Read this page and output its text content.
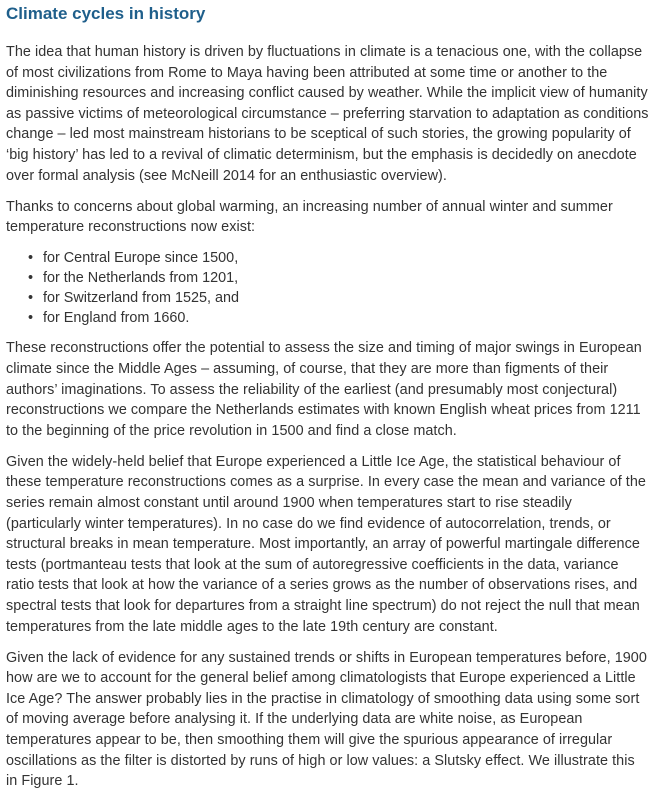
Climate cycles in history

The idea that human history is driven by fluctuations in climate is a tenacious one, with the collapse of most civilizations from Rome to Maya having been attributed at some time or another to the diminishing resources and increasing conflict caused by weather. While the implicit view of humanity as passive victims of meteorological circumstance – preferring starvation to adaptation as conditions change – led most mainstream historians to be sceptical of such stories, the growing popularity of ‘big history’ has led to a revival of climatic determinism, but the emphasis is decidedly on anecdote over formal analysis (see McNeill 2014 for an enthusiastic overview).

Thanks to concerns about global warming, an increasing number of annual winter and summer temperature reconstructions now exist:

• for Central Europe since 1500,
• for the Netherlands from 1201,
• for Switzerland from 1525, and
• for England from 1660.

These reconstructions offer the potential to assess the size and timing of major swings in European climate since the Middle Ages – assuming, of course, that they are more than figments of their authors’ imaginations. To assess the reliability of the earliest (and presumably most conjectural) reconstructions we compare the Netherlands estimates with known English wheat prices from 1211 to the beginning of the price revolution in 1500 and find a close match.

Given the widely-held belief that Europe experienced a Little Ice Age, the statistical behaviour of these temperature reconstructions comes as a surprise. In every case the mean and variance of the series remain almost constant until around 1900 when temperatures start to rise steadily (particularly winter temperatures). In no case do we find evidence of autocorrelation, trends, or structural breaks in mean temperature. Most importantly, an array of powerful martingale difference tests (portmanteau tests that look at the sum of autoregressive coefficients in the data, variance ratio tests that look at how the variance of a series grows as the number of observations rises, and spectral tests that look for departures from a straight line spectrum) do not reject the null that mean temperatures from the late middle ages to the late 19th century are constant.

Given the lack of evidence for any sustained trends or shifts in European temperatures before, 1900 how are we to account for the general belief among climatologists that Europe experienced a Little Ice Age? The answer probably lies in the practise in climatology of smoothing data using some sort of moving average before analysing it. If the underlying data are white noise, as European temperatures appear to be, then smoothing them will give the spurious appearance of irregular oscillations as the filter is distorted by runs of high or low values: a Slutsky effect. We illustrate this in Figure 1.
